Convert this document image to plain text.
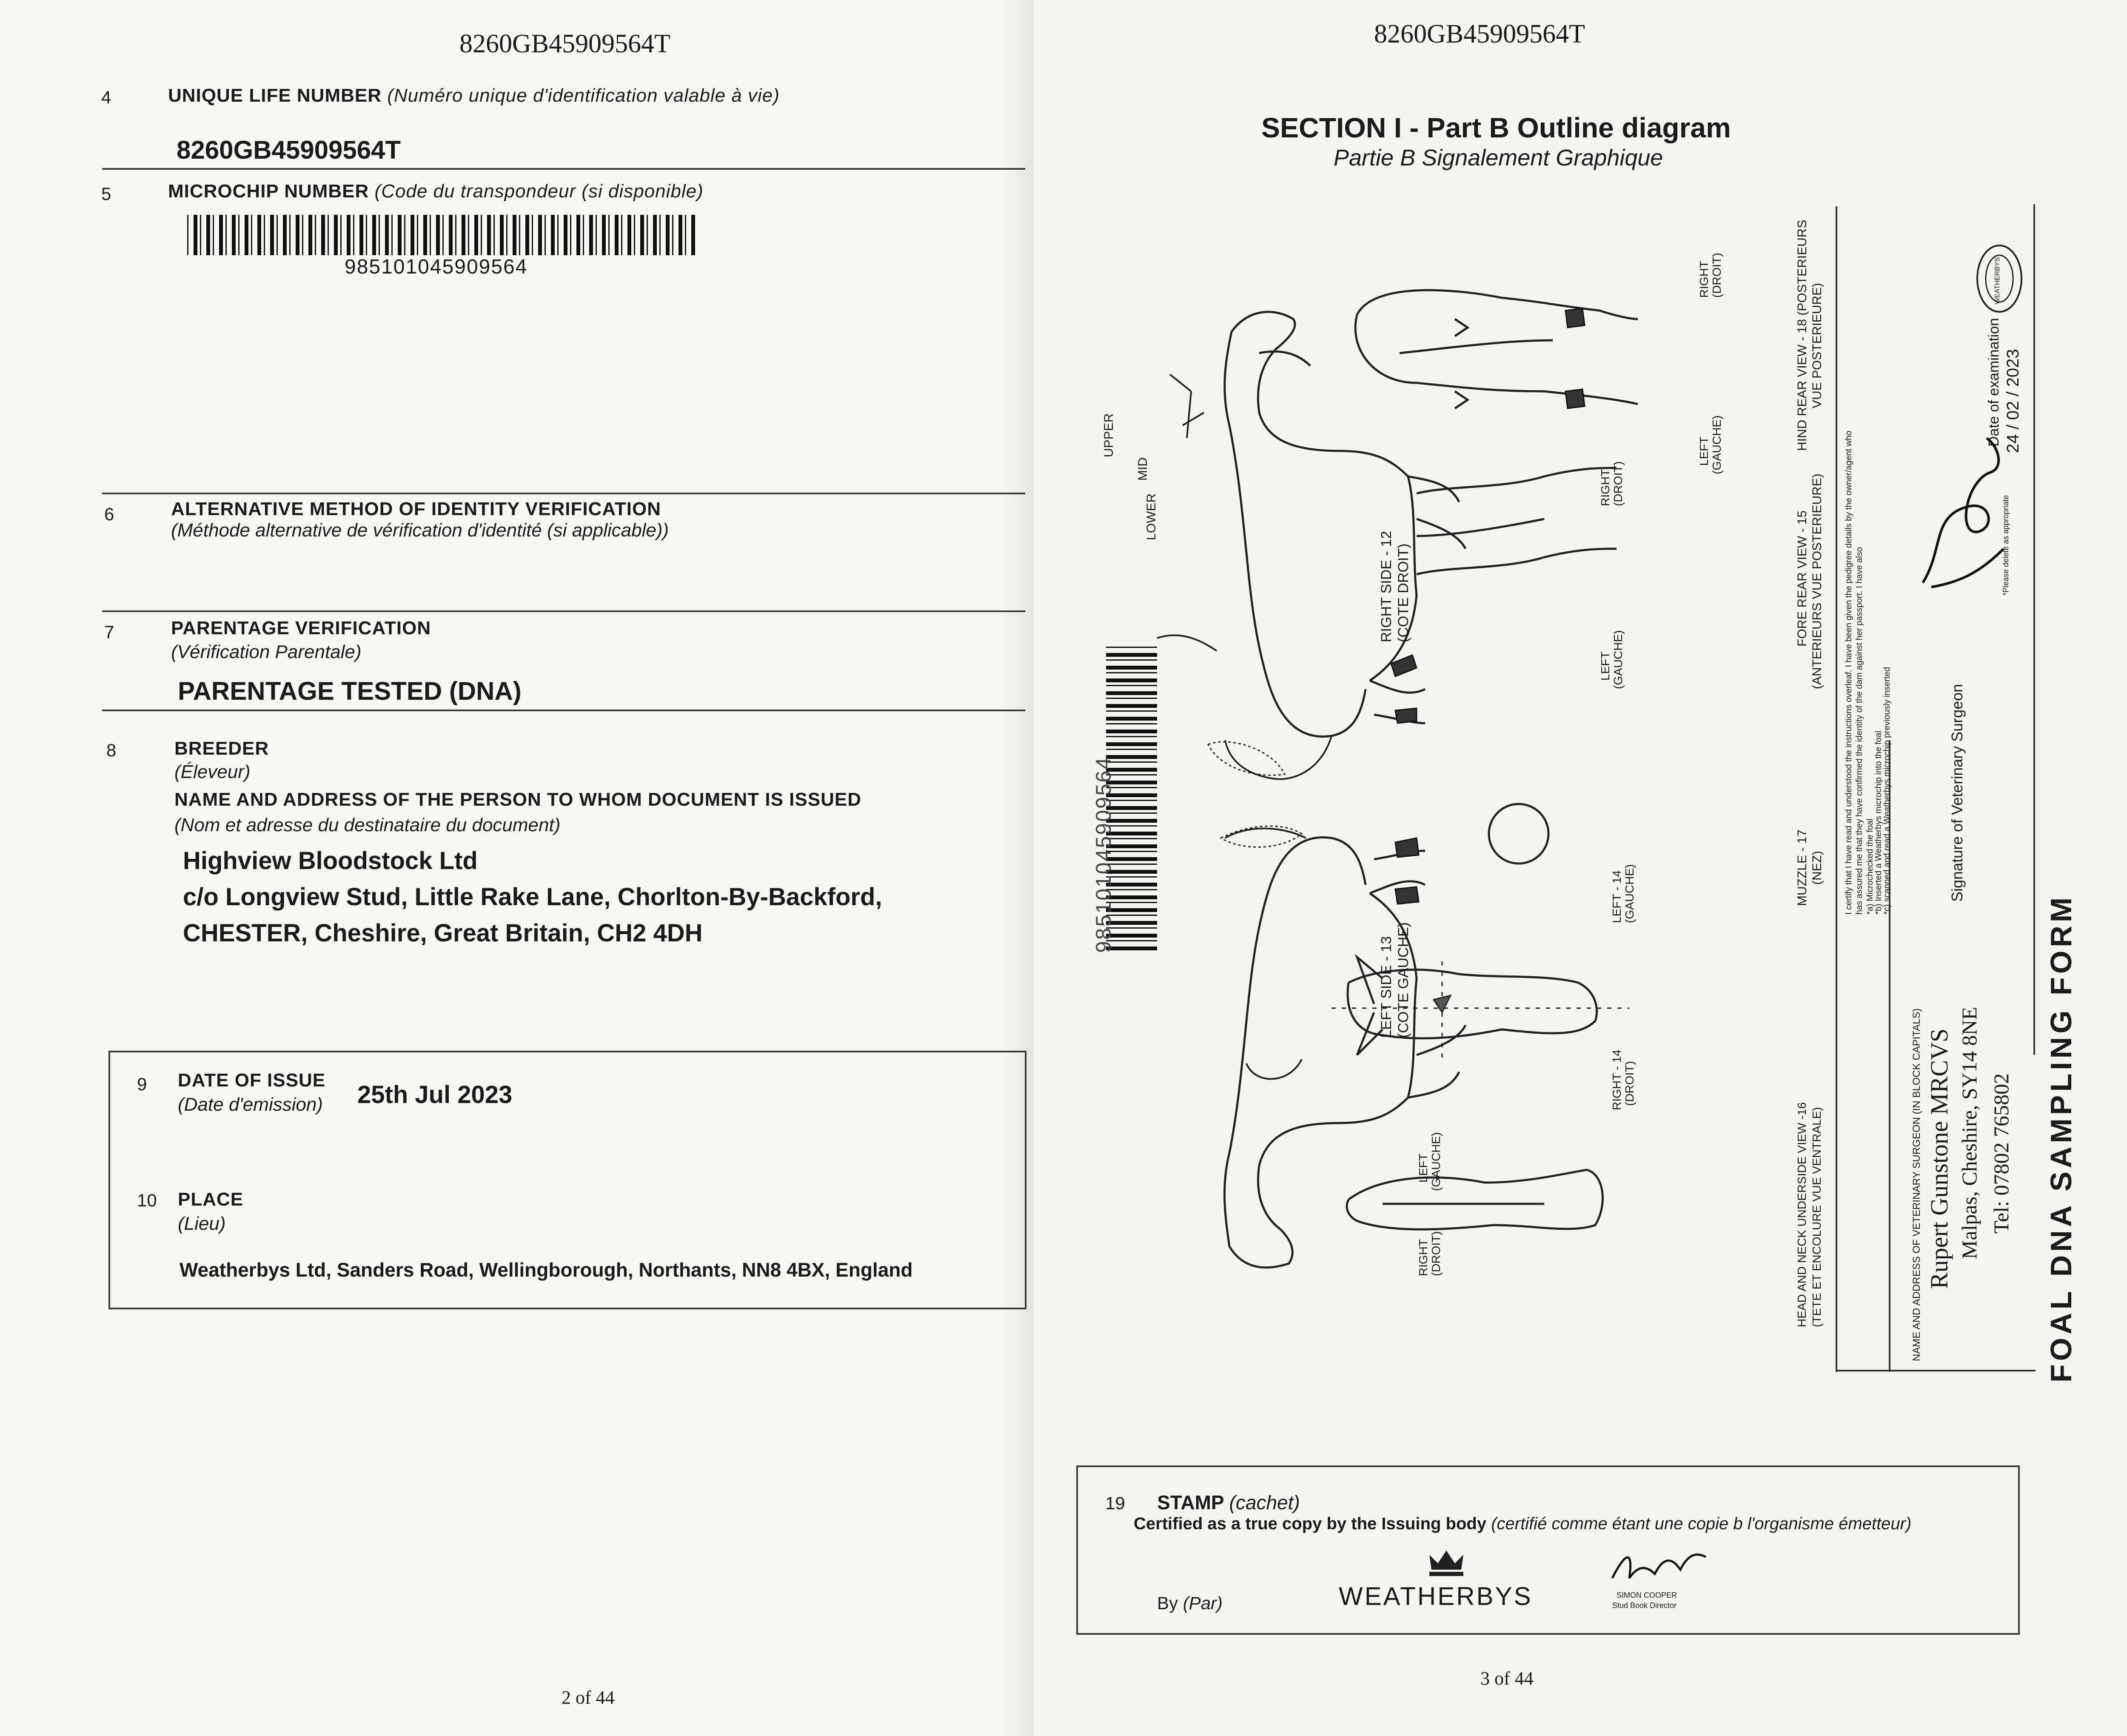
8260GB45909564T
4	UNIQUE LIFE NUMBER (Numéro unique d'identification valable à vie)
8260GB45909564T
5	MICROCHIP NUMBER (Code du transpondeur (si disponible)
985101045909564
6	ALTERNATIVE METHOD OF IDENTITY VERIFICATION
(Méthode alternative de vérification d'identité (si applicable))
7	PARENTAGE VERIFICATION
(Vérification Parentale)
PARENTAGE TESTED (DNA)
8	BREEDER
(Éleveur)
NAME AND ADDRESS OF THE PERSON TO WHOM DOCUMENT IS ISSUED
(Nom et adresse du destinataire du document)
Highview Bloodstock Ltd
c/o Longview Stud, Little Rake Lane, Chorlton-By-Backford,
CHESTER, Cheshire, Great Britain, CH2 4DH
9 DATE OF ISSUE
(Date d'emission) 25th Jul 2023
10 PLACE
(Lieu)
Weatherbys Ltd, Sanders Road, Wellingborough, Northants, NN8 4BX, England
2 of 44
8260GB45909564T
SECTION I - Part B Outline diagram
Partie B Signalement Graphique
985101045909564
UPPER
MID
LOWER
RIGHT SIDE - 12 (COTE DROIT)
LEFT SIDE - 13 (COTE GAUCHE)
RIGHT (DROIT)
LEFT (GAUCHE)
RIGHT (DROIT)
LEFT (GAUCHE)
LEFT - 14 (GAUCHE)
RIGHT - 14 (DROIT)
LEFT (GAUCHE)
RIGHT (DROIT)
HIND REAR VIEW - 18 (POSTERIEURS VUE POSTERIEURE)
FORE REAR VIEW - 15 (ANTERIEURS VUE POSTERIEURE)
MUZZLE - 17 (NEZ)
HEAD AND NECK UNDERSIDE VIEW -16 (TETE ET ENCOLURE VUE VENTRALE)
I certify that I have read and understood the instructions overleaf. I have been given the pedigree details by the owner/agent who has assured me that they have confirmed the identity of the dam against her passport. I have also *a) Microchecked the foal
*b) Inserted a Weatherbys microchip into the foal
*c) scanned and read a Weatherbys microchip previously inserted	Signature of Veterinary Surgeon
*Please delete as appropriate
Date of examination 24 / 02 / 2023
WEATHERBYS
NAME AND ADDRESS OF VETERINARY SURGEON (IN BLOCK CAPITALS) Rupert Gunstone MRCVS Malpas, Cheshire, SY14 8NE Tel: 07802 765802 FOAL DNA SAMPLING FORM
19 STAMP (cachet)
Certified as a true copy by the Issuing body (certifié comme étant une copie b l'organisme émetteur)
WEATHERBYS
By (Par)	SIMON COOPER
Stud Book Director
3 of 44
